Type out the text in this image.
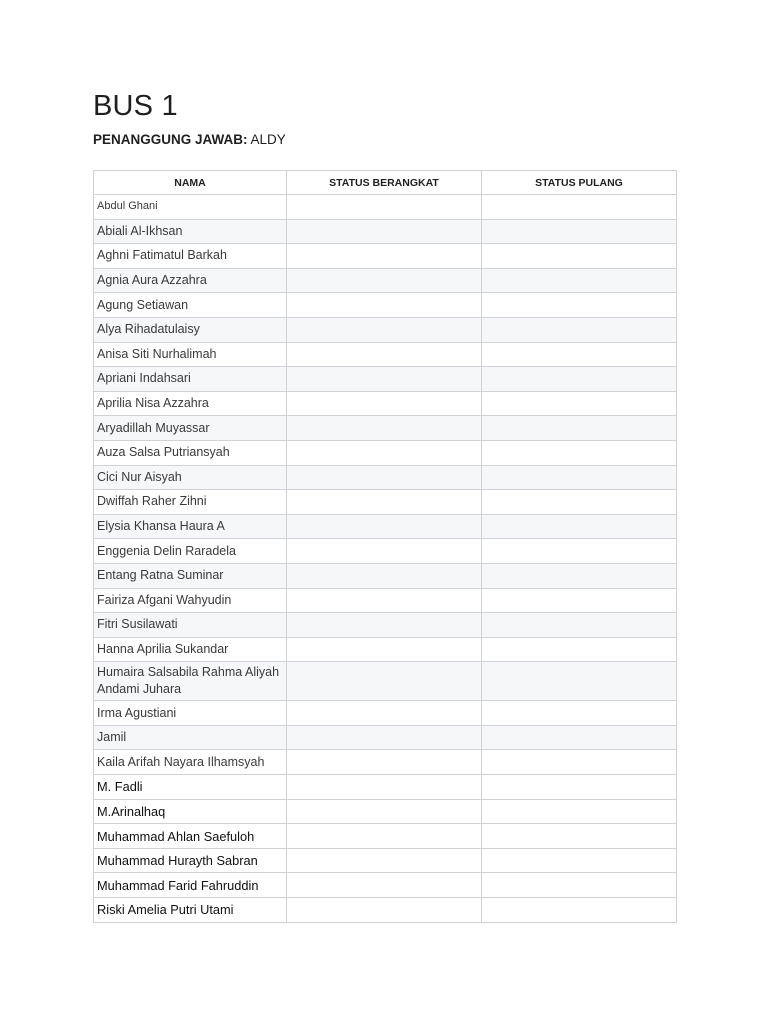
BUS 1

PENANGGUNG JAWAB: ALDY

NAMA	STATUS BERANGKAT	STATUS PULANG
Abdul Ghani		
Abiali Al-Ikhsan		
Aghni Fatimatul Barkah		
Agnia Aura Azzahra		
Agung Setiawan		
Alya Rihadatulaisy		
Anisa Siti Nurhalimah		
Apriani Indahsari		
Aprilia Nisa Azzahra		
Aryadillah Muyassar		
Auza Salsa Putriansyah		
Cici Nur Aisyah		
Dwiffah Raher Zihni		
Elysia Khansa Haura A		
Enggenia Delin Raradela		
Entang Ratna Suminar		
Fairiza Afgani Wahyudin		
Fitri Susilawati		
Hanna Aprilia Sukandar		
Humaira Salsabila Rahma Aliyah Andami Juhara		
Irma Agustiani		
Jamil		
Kaila Arifah Nayara Ilhamsyah		
M. Fadli		
M.Arinalhaq		
Muhammad Ahlan Saefuloh		
Muhammad Hurayth Sabran		
Muhammad Farid Fahruddin		
Riski Amelia Putri Utami		
